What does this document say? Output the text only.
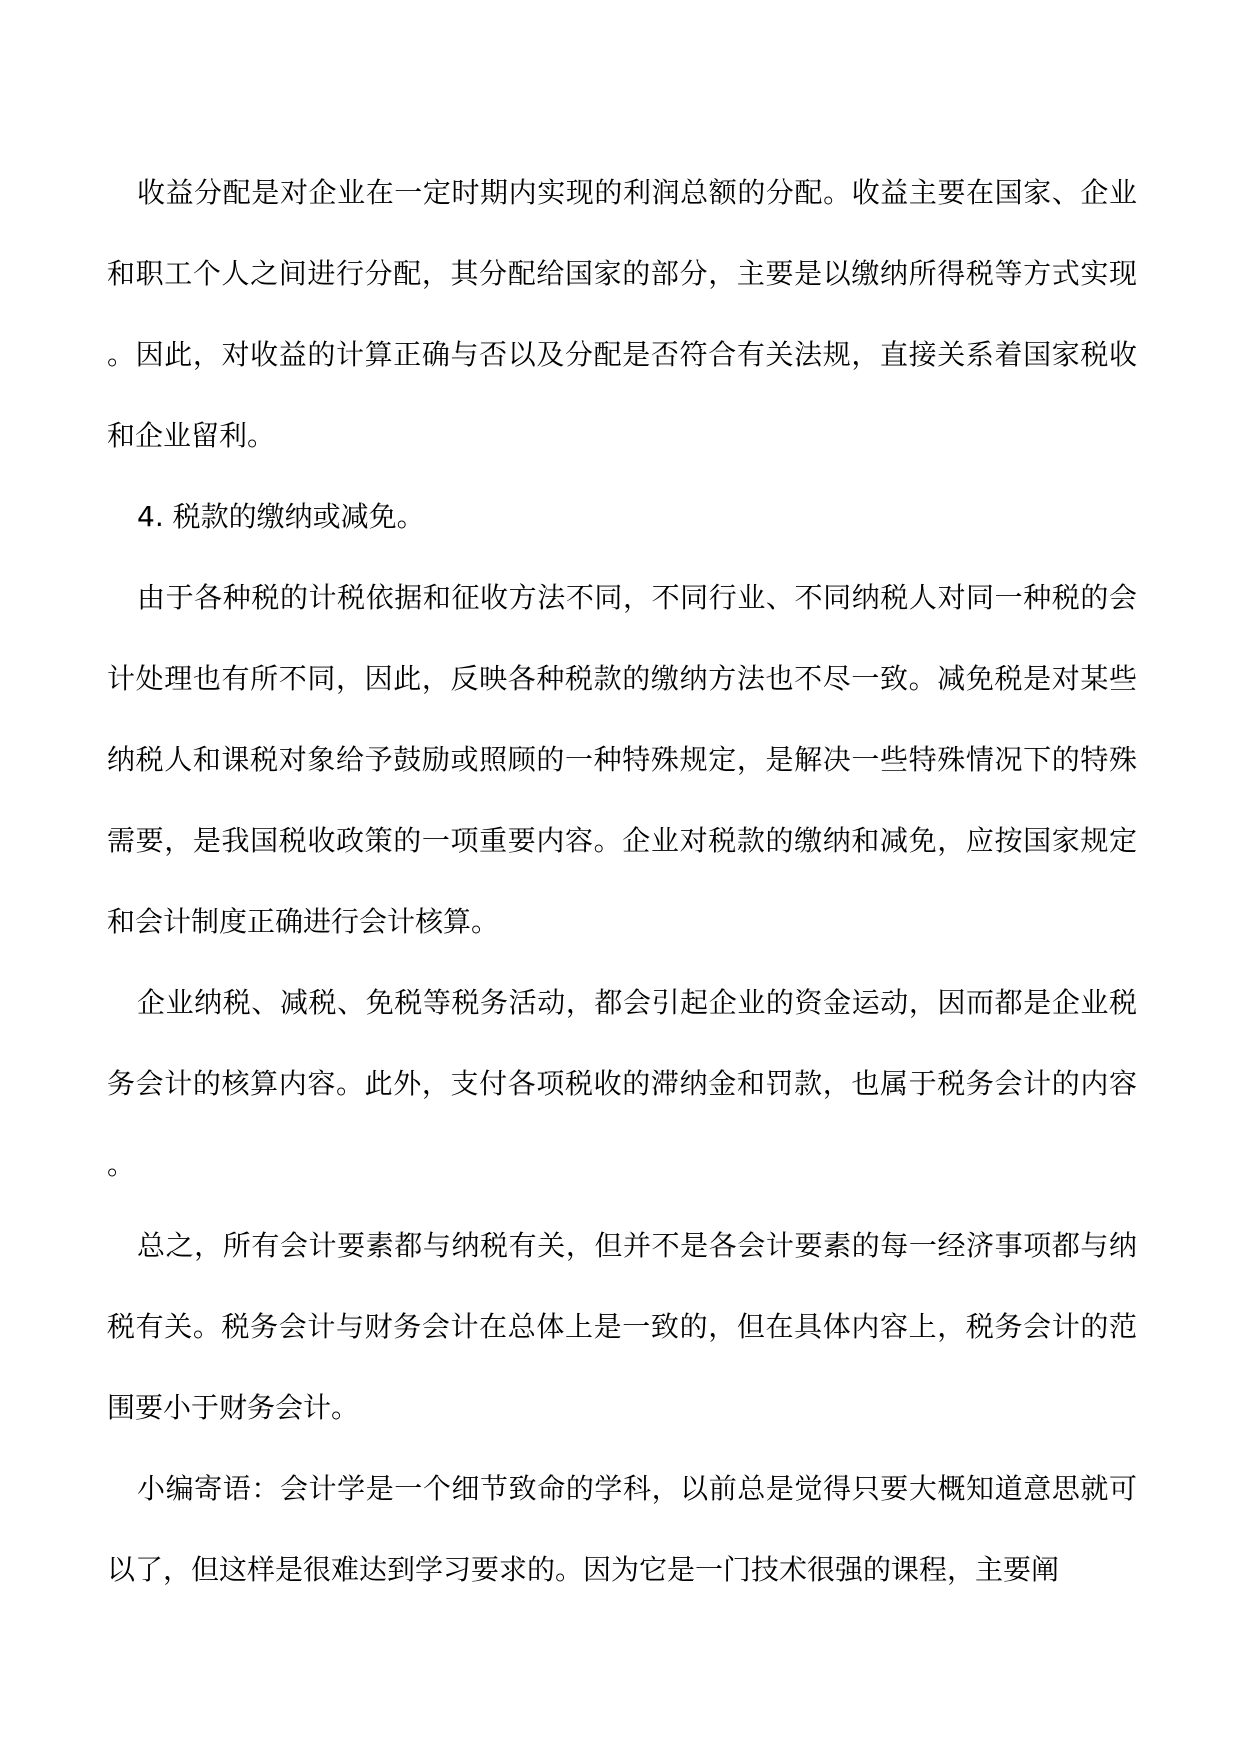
收益分配是对企业在一定时期内实现的利润总额的分配。收益主要在国家、企业和职工个人之间进行分配，其分配给国家的部分，主要是以缴纳所得税等方式实现。因此，对收益的计算正确与否以及分配是否符合有关法规，直接关系着国家税收和企业留利。

4. 税款的缴纳或减免。

由于各种税的计税依据和征收方法不同，不同行业、不同纳税人对同一种税的会计处理也有所不同，因此，反映各种税款的缴纳方法也不尽一致。减免税是对某些纳税人和课税对象给予鼓励或照顾的一种特殊规定，是解决一些特殊情况下的特殊需要，是我国税收政策的一项重要内容。企业对税款的缴纳和减免，应按国家规定和会计制度正确进行会计核算。

企业纳税、减税、免税等税务活动，都会引起企业的资金运动，因而都是企业税务会计的核算内容。此外，支付各项税收的滞纳金和罚款，也属于税务会计的内容。

总之，所有会计要素都与纳税有关，但并不是各会计要素的每一经济事项都与纳税有关。税务会计与财务会计在总体上是一致的，但在具体内容上，税务会计的范围要小于财务会计。

小编寄语：会计学是一个细节致命的学科，以前总是觉得只要大概知道意思就可以了，但这样是很难达到学习要求的。因为它是一门技术很强的课程，主要阐
